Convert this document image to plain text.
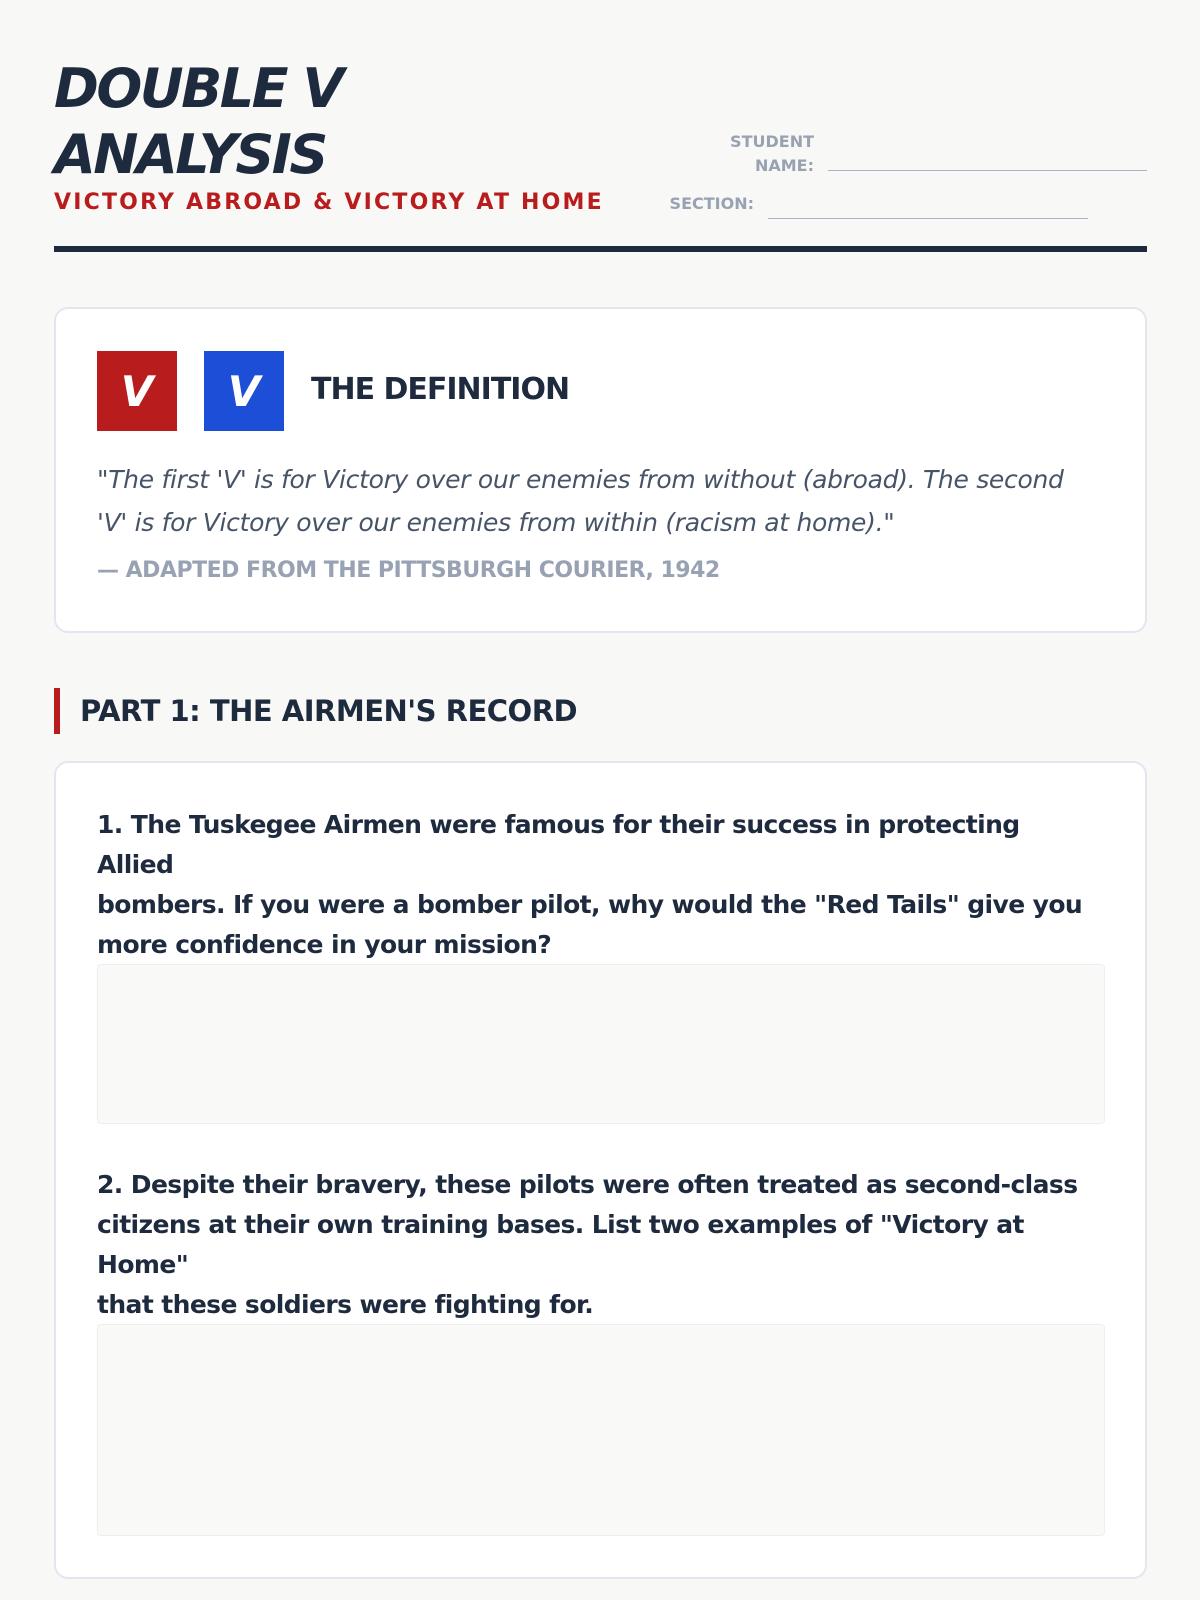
DOUBLE V
ANALYSIS
VICTORY ABROAD & VICTORY AT HOME
STUDENT
NAME:
SECTION:
V	V	THE DEFINITION
"The first 'V' is for Victory over our enemies from without (abroad). The second
'V' is for Victory over our enemies from within (racism at home)."
— ADAPTED FROM THE PITTSBURGH COURIER, 1942
PART 1: THE AIRMEN'S RECORD
1. The Tuskegee Airmen were famous for their success in protecting Allied
bombers. If you were a bomber pilot, why would the "Red Tails" give you
more confidence in your mission?
2. Despite their bravery, these pilots were often treated as second-class
citizens at their own training bases. List two examples of "Victory at Home"
that these soldiers were fighting for.
